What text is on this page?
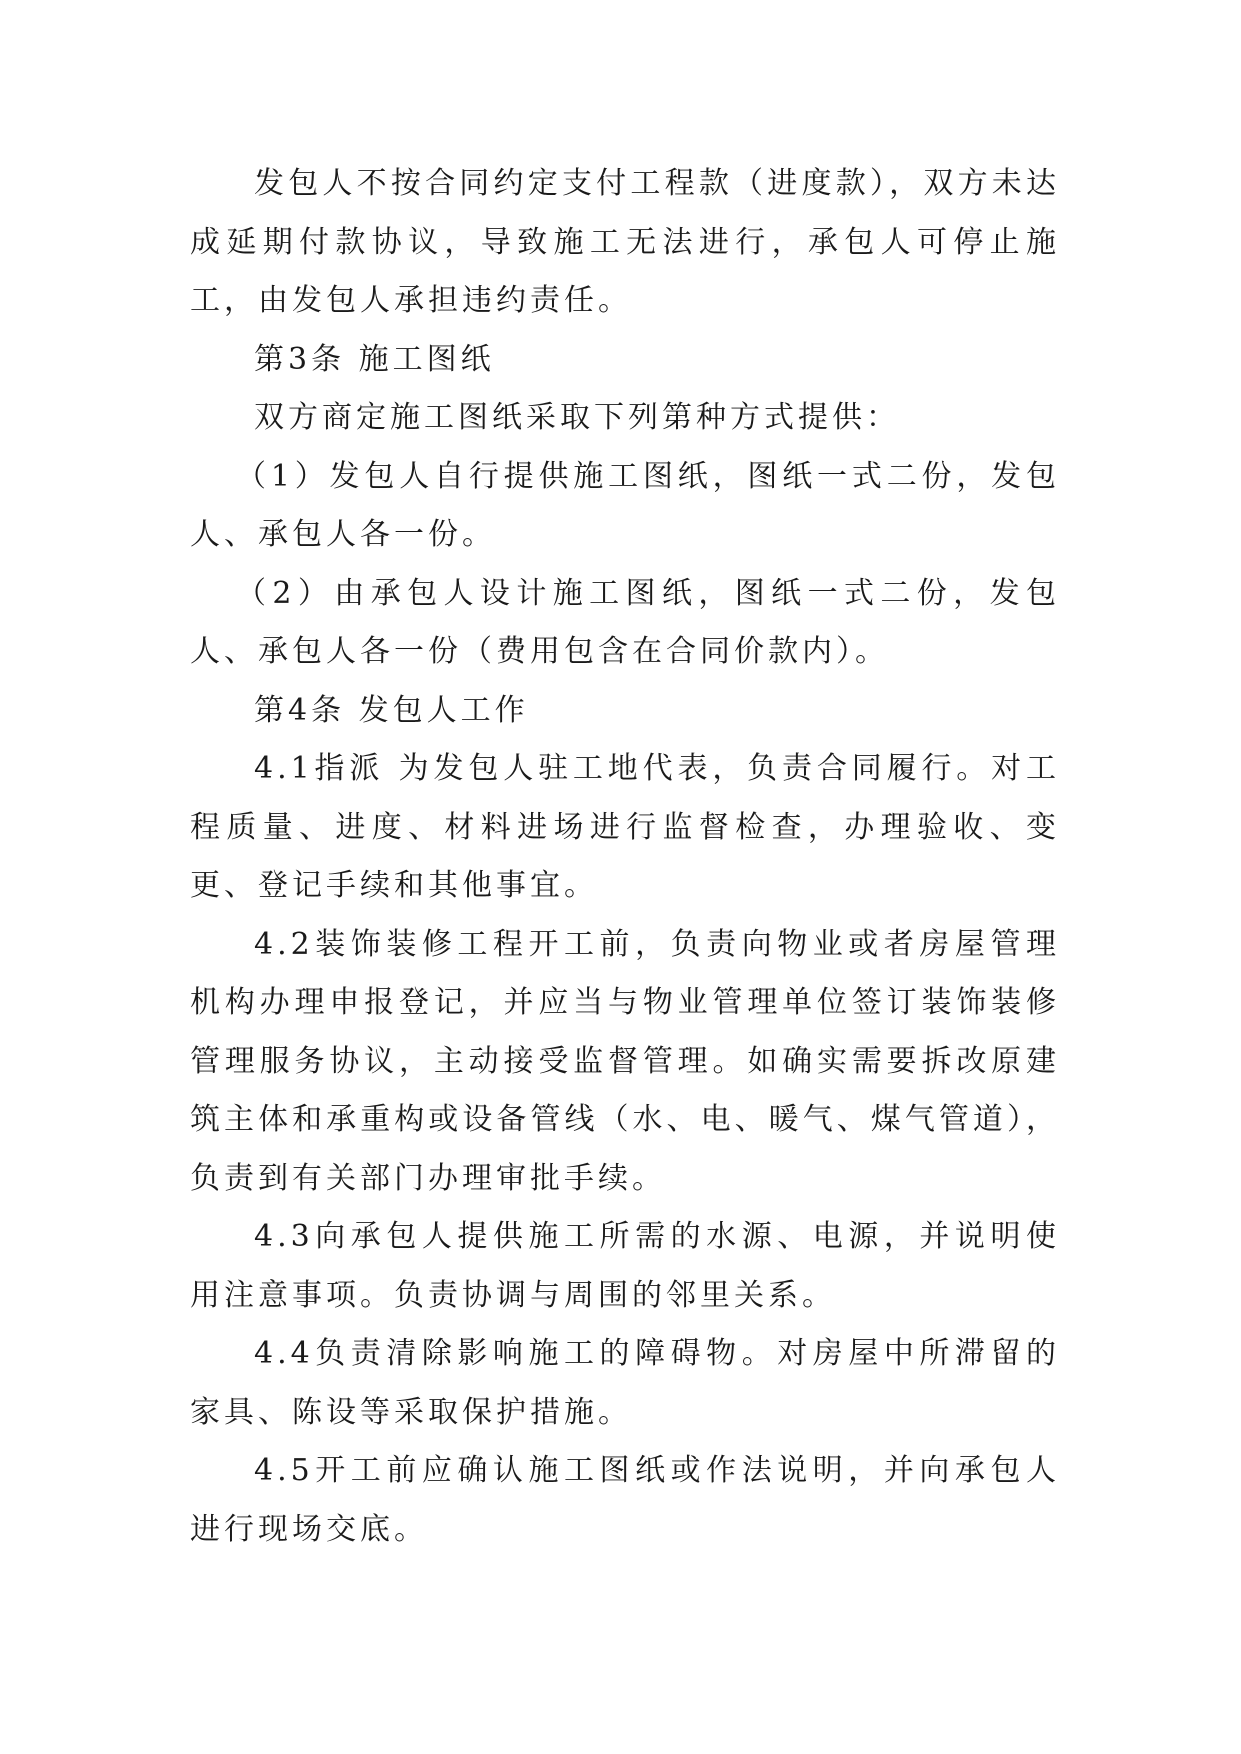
发包人不按合同约定支付工程款（进度款），双方未达成延期付款协议，导致施工无法进行，承包人可停止施工，由发包人承担违约责任。

第3条 施工图纸

双方商定施工图纸采取下列第种方式提供：

（1）发包人自行提供施工图纸，图纸一式二份，发包人、承包人各一份。

（2）由承包人设计施工图纸，图纸一式二份，发包人、承包人各一份（费用包含在合同价款内）。

第4条 发包人工作

4.1指派 为发包人驻工地代表，负责合同履行。对工程质量、进度、材料进场进行监督检查，办理验收、变更、登记手续和其他事宜。

4.2装饰装修工程开工前，负责向物业或者房屋管理机构办理申报登记，并应当与物业管理单位签订装饰装修管理服务协议，主动接受监督管理。如确实需要拆改原建筑主体和承重构或设备管线（水、电、暖气、煤气管道），负责到有关部门办理审批手续。

4.3向承包人提供施工所需的水源、电源，并说明使用注意事项。负责协调与周围的邻里关系。

4.4负责清除影响施工的障碍物。对房屋中所滞留的家具、陈设等采取保护措施。

4.5开工前应确认施工图纸或作法说明，并向承包人进行现场交底。
